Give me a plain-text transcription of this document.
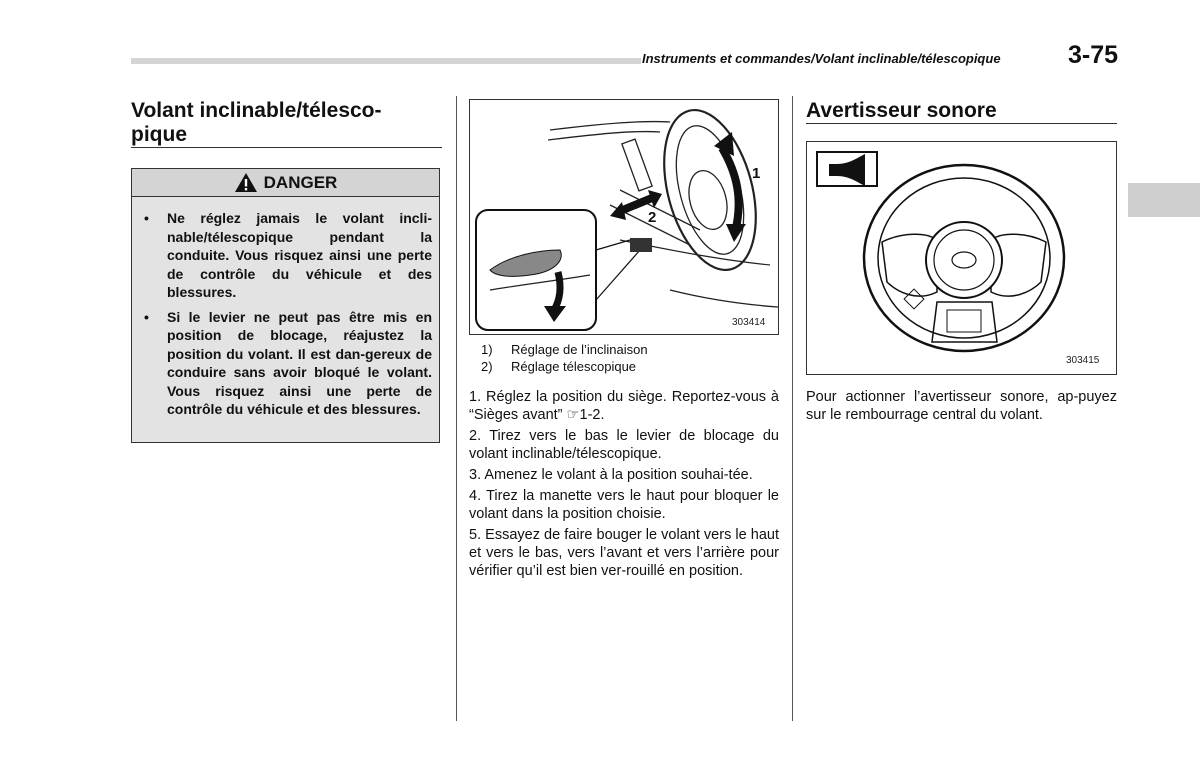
Instruments et commandes/Volant inclinable/télescopique	3-75
Volant inclinable/télesco-
pique
DANGER
• Ne réglez jamais le volant incli-nable/télescopique pendant la conduite. Vous risquez ainsi une perte de contrôle du véhicule et des blessures.
• Si le levier ne peut pas être mis en position de blocage, réajustez la position du volant. Il est dan-gereux de conduire sans avoir bloqué le volant. Vous risquez ainsi une perte de contrôle du véhicule et des blessures.
1
2
303414
1) Réglage de l’inclinaison
2) Réglage télescopique

1. Réglez la position du siège. Reportez-vous à “Sièges avant” ☞1-2.

2. Tirez vers le bas le levier de blocage du volant inclinable/télescopique.

3. Amenez le volant à la position souhai-tée.

4. Tirez la manette vers le haut pour bloquer le volant dans la position choisie.

5. Essayez de faire bouger le volant vers le haut et vers le bas, vers l’avant et vers l’arrière pour vérifier qu’il est bien ver-rouillé en position.

Avertisseur sonore
303415

Pour actionner l’avertisseur sonore, ap-puyez sur le rembourrage central du volant.
